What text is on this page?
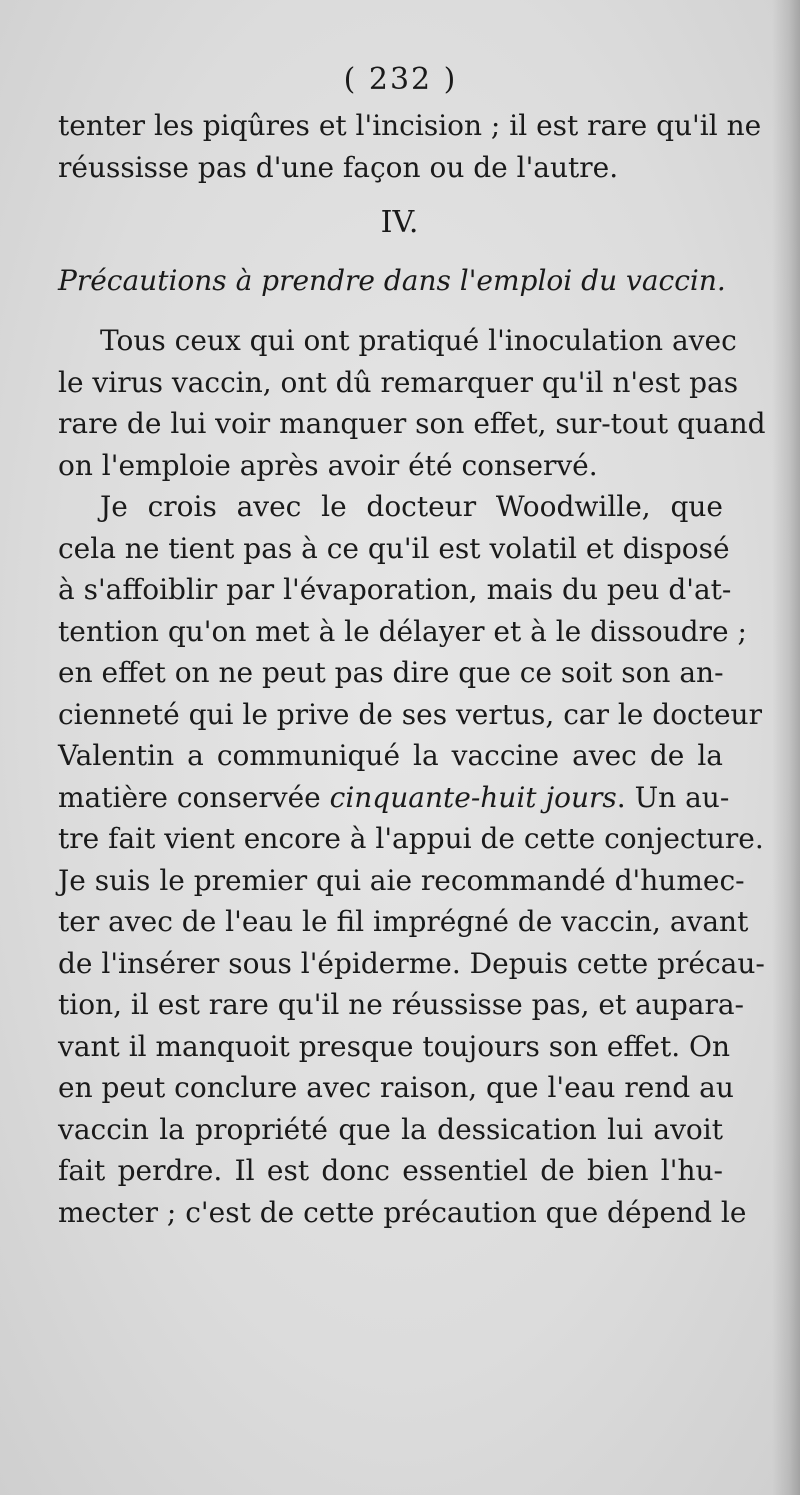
( 232 )
tenter les piqûres et l'incision ; il est rare qu'il ne
réussisse pas d'une façon ou de l'autre.
IV.
Précautions à prendre dans l'emploi du vaccin.
Tous ceux qui ont pratiqué l'inoculation avec
le virus vaccin, ont dû remarquer qu'il n'est pas
rare de lui voir manquer son effet, sur-tout quand
on l'emploie après avoir été conservé.
Je crois avec le docteur Woodwille, que
cela ne tient pas à ce qu'il est volatil et disposé
à s'affoiblir par l'évaporation, mais du peu d'at-
tention qu'on met à le délayer et à le dissoudre ;
en effet on ne peut pas dire que ce soit son an-
cienneté qui le prive de ses vertus, car le docteur
Valentin a communiqué la vaccine avec de la
matière conservée cinquante-huit jours. Un au-
tre fait vient encore à l'appui de cette conjecture.
Je suis le premier qui aie recommandé d'humec-
ter avec de l'eau le fil imprégné de vaccin, avant
de l'insérer sous l'épiderme. Depuis cette précau-
tion, il est rare qu'il ne réussisse pas, et aupara-
vant il manquoit presque toujours son effet. On
en peut conclure avec raison, que l'eau rend au
vaccin la propriété que la dessication lui avoit
fait perdre. Il est donc essentiel de bien l'hu-
mecter ; c'est de cette précaution que dépend le
